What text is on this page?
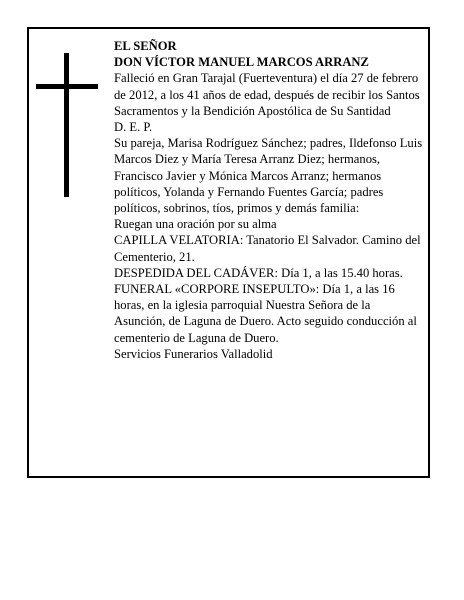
EL SEÑOR

DON VÍCTOR MANUEL MARCOS ARRANZ

Falleció en Gran Tarajal (Fuerteventura) el día 27 de febrero de 2012, a los 41 años de edad, después de recibir los Santos Sacramentos y la Bendición Apostólica de Su Santidad

D. E. P.

Su pareja, Marisa Rodríguez Sánchez; padres, Ildefonso Luis Marcos Diez y María Teresa Arranz Diez; hermanos, Francisco Javier y Mónica Marcos Arranz; hermanos políticos, Yolanda y Fernando Fuentes García; padres políticos, sobrinos, tíos, primos y demás familia:

Ruegan una oración por su alma

CAPILLA VELATORIA: Tanatorio El Salvador. Camino del Cementerio, 21.

DESPEDIDA DEL CADÁVER: Día 1, a las 15.40 horas.

FUNERAL «CORPORE INSEPULTO»: Día 1, a las 16 horas, en la iglesia parroquial Nuestra Señora de la Asunción, de Laguna de Duero. Acto seguido conducción al cementerio de Laguna de Duero.

Servicios Funerarios Valladolid
